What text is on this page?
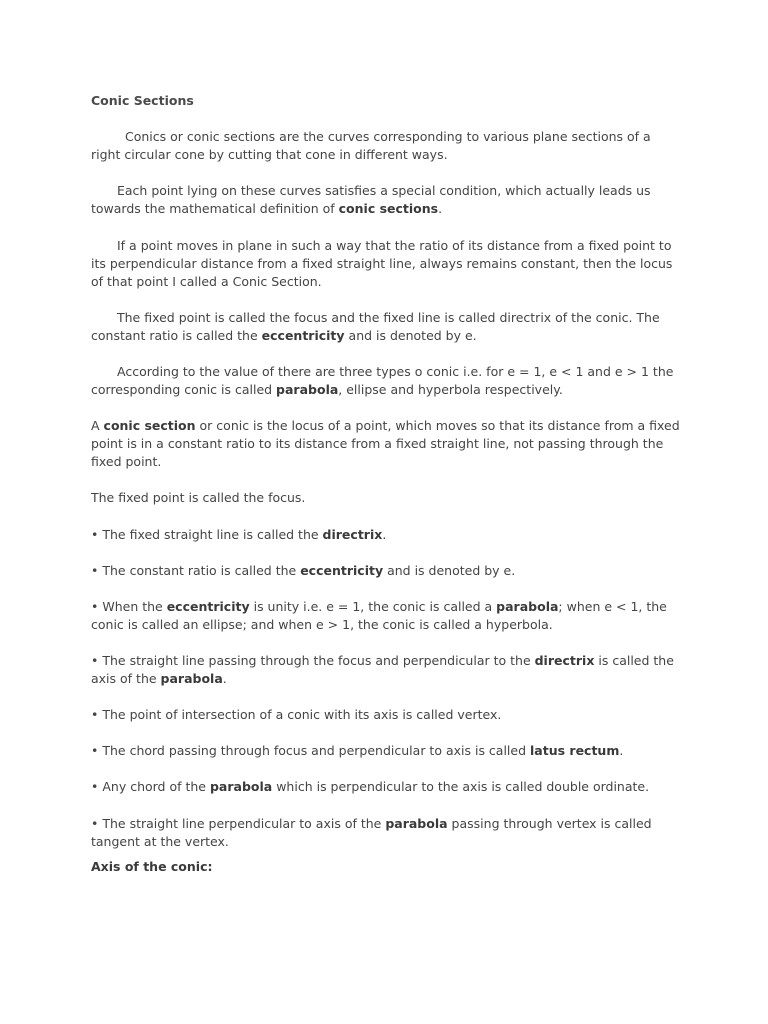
Conic Sections

Conics or conic sections are the curves corresponding to various plane sections of a right circular cone by cutting that cone in different ways.

Each point lying on these curves satisfies a special condition, which actually leads us towards the mathematical definition of conic sections.

If a point moves in plane in such a way that the ratio of its distance from a fixed point to its perpendicular distance from a fixed straight line, always remains constant, then the locus of that point I called a Conic Section.

The fixed point is called the focus and the fixed line is called directrix of the conic. The constant ratio is called the eccentricity and is denoted by e.

According to the value of there are three types o conic i.e. for e = 1, e < 1 and e > 1 the corresponding conic is called parabola, ellipse and hyperbola respectively.

A conic section or conic is the locus of a point, which moves so that its distance from a fixed point is in a constant ratio to its distance from a fixed straight line, not passing through the fixed point.

The fixed point is called the focus.

• The fixed straight line is called the directrix.

• The constant ratio is called the eccentricity and is denoted by e.

• When the eccentricity is unity i.e. e = 1, the conic is called a parabola; when e < 1, the conic is called an ellipse; and when e > 1, the conic is called a hyperbola.

• The straight line passing through the focus and perpendicular to the directrix is called the axis of the parabola.

• The point of intersection of a conic with its axis is called vertex.

• The chord passing through focus and perpendicular to axis is called latus rectum.

• Any chord of the parabola which is perpendicular to the axis is called double ordinate.

• The straight line perpendicular to axis of the parabola passing through vertex is called tangent at the vertex.

Axis of the conic:
